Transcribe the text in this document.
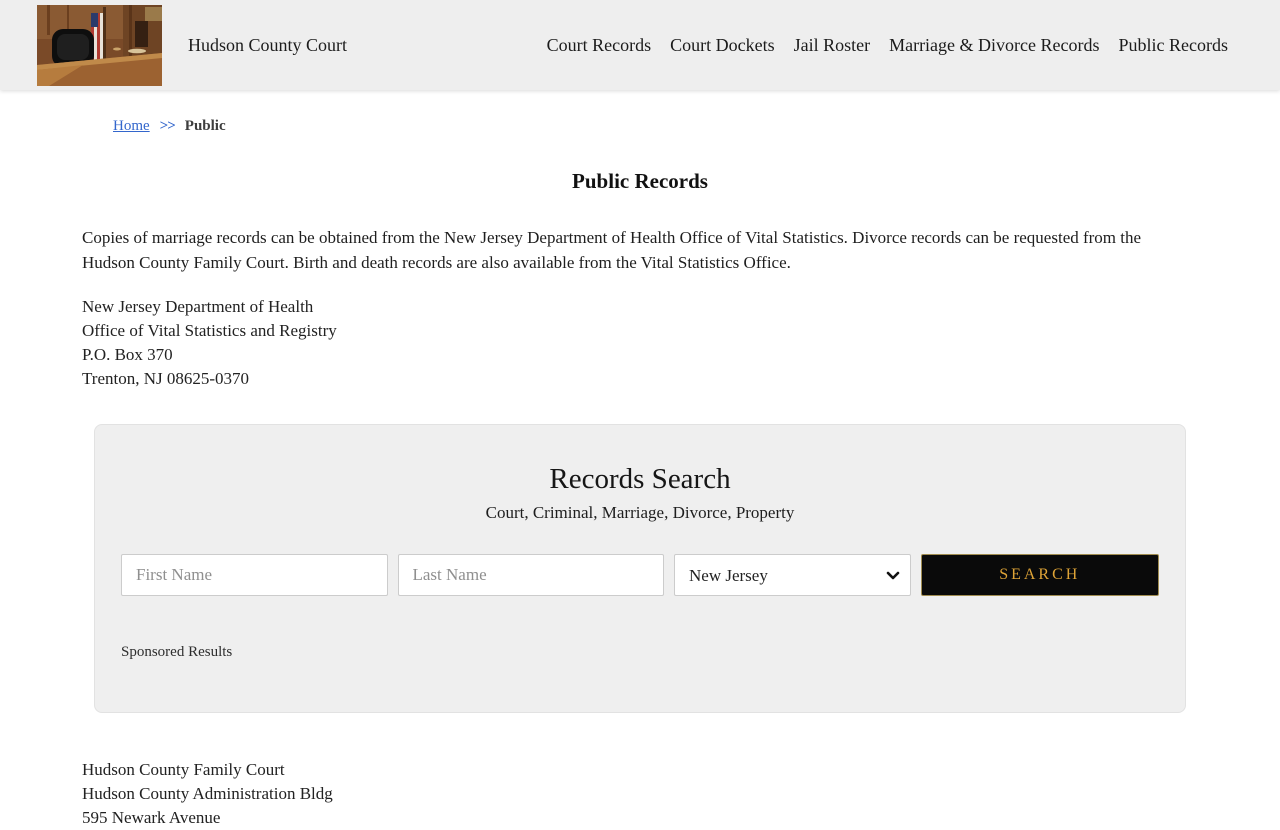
Hudson County Court	Court Records Court Dockets Jail Roster Marriage & Divorce Records Public Records
Home >> Public
Public Records

Copies of marriage records can be obtained from the New Jersey Department of Health Office of Vital Statistics. Divorce records can be requested from the Hudson County Family Court. Birth and death records are also available from the Vital Statistics Office.

New Jersey Department of Health
Office of Vital Statistics and Registry
P.O. Box 370
Trenton, NJ 08625-0370
Records Search
Court, Criminal, Marriage, Divorce, Property
First Name
Last Name
New Jersey
SEARCH
Sponsored Results
Hudson County Family Court
Hudson County Administration Bldg
595 Newark Avenue
